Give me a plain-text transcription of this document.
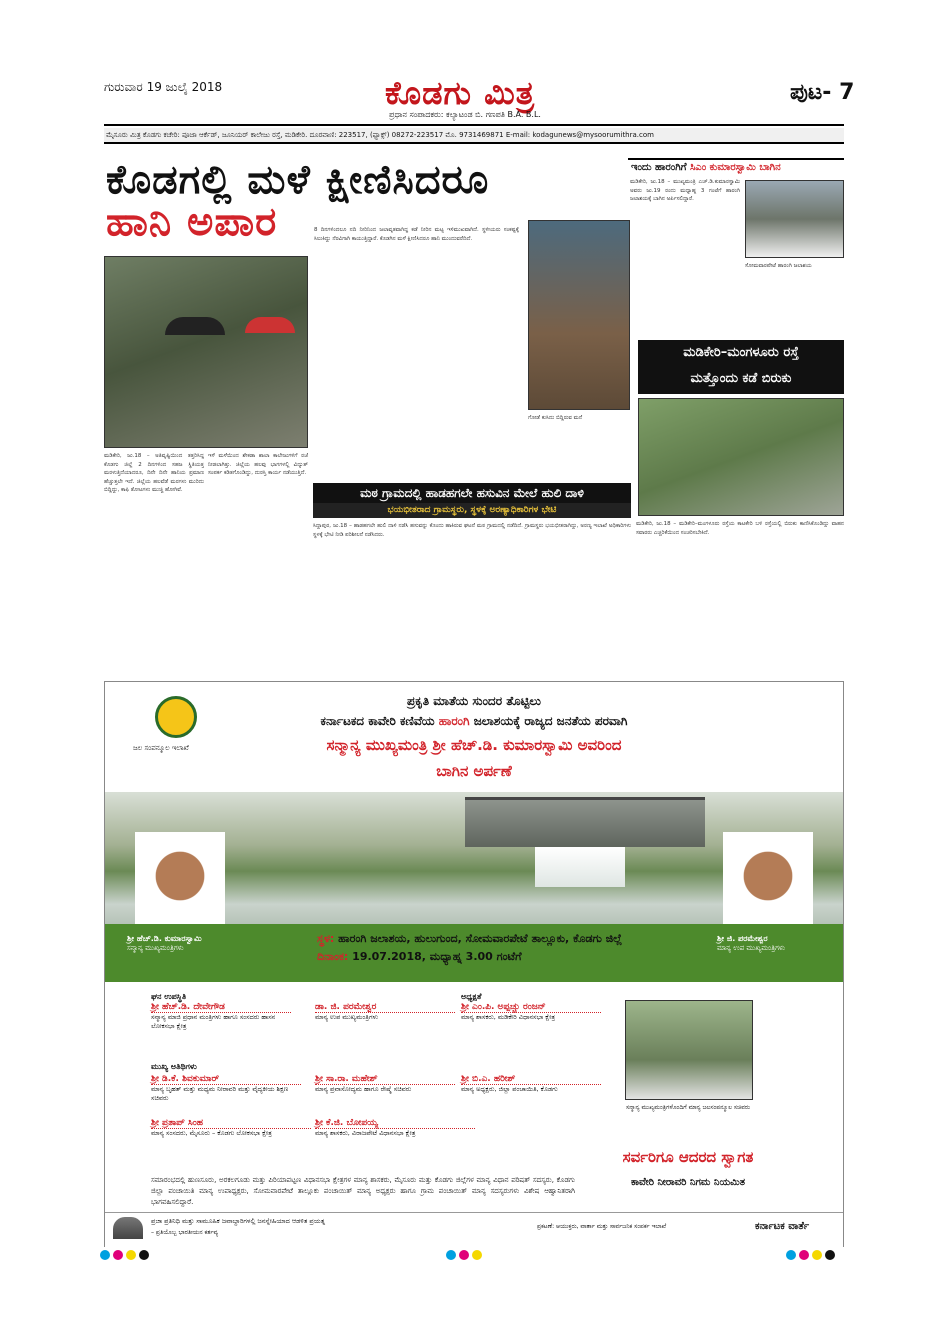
ಗುರುವಾರ 19 ಜುಲೈ 2018	ಕೊಡಗು ಮಿತ್ರ
ಪ್ರಧಾನ ಸಂಪಾದಕರು: ಕಲ್ಯಾಟಂಡ ಬಿ. ಗಣಪತಿ B.A. B.L.
ಪುಟ- 7
ಮೈಸೂರು ಮಿತ್ರ ಕೊಡಗು ಕಚೇರಿ: ಪೂಜಾ ಆರ್ಕೆಡ್, ಜೂನಿಯರ್ ಕಾಲೇಜು ರಸ್ತೆ, ಮಡಿಕೇರಿ. ದೂರವಾಣಿ: 223517, (ಫ್ಯಾಕ್ಸ್) 08272-223517 ಮೊ. 9731469871 E-mail: kodagunews@mysoorumithra.com
ಕೊಡಗಲ್ಲಿ ಮಳೆ ಕ್ಷೀಣಿಸಿದರೂ
ಹಾನಿ ಅಪಾರ	8 ದಿನಗಳಿಂದಲೂ ನದಿ ನೀರಿನಿಂದ ಜಲಾವೃತವಾಗಿದ್ದ ಕಡೆ ನೀರಿನ ಮಟ್ಟ ಇಳಿಮುಖವಾಗಿದೆ. ಸ್ಥಳೀಯರು ಸಂಕಷ್ಟಕ್ಕೆ ಸಿಲುಕಿದ್ದು ನೆರವಿಗಾಗಿ ಕಾಯುತ್ತಿದ್ದಾರೆ. ಕೊಡಗಿನ ಮಳೆ ಕ್ಷೀಣಿಸಿದರೂ ಹಾನಿ ಮುಂದುವರೆದಿದೆ.
ಗೋಡೆ ಕುಸಿದು ಬಿದ್ದಿರುವ ಮನೆ
ಮಡಿಕೇರಿ, ಜು.18 – ಅತಿವೃಷ್ಟಿಯಿಂದ ತತ್ತರಿಸಿದ್ದ ಕೊಡಗು ಜಿಲ್ಲೆ 2 ದಿನಗಳಿಂದ ಸಹಜ ಸ್ಥಿತಿಯತ್ತ ಮರಳುತ್ತಿದೆಯಾದರೂ, ದಿನೇ ದಿನೇ ಹಾನಿಯ ಪ್ರಮಾಣ ಹೆಚ್ಚುತ್ತಲೇ ಇದೆ. ಜಿಲ್ಲೆಯ ಹಲವೆಡೆ ಮರಗಳು ಮುರಿದು ಬಿದ್ದಿದ್ದು, ಕಾಫಿ ತೋಟಗಳು ಮುಚ್ಚಿ ಹೋಗಿವೆ.
ಇಳೆ ಮಳೆಯಿಂದ ಶೇಕಡಾ ಶಾಲಾ ಕಾಲೇಜುಗಳಿಗೆ ರಜೆ ನೀಡಲಾಗಿತ್ತು. ಜಿಲ್ಲೆಯ ಹಲವು ಭಾಗಗಳಲ್ಲಿ ವಿದ್ಯುತ್ ಸಂಪರ್ಕ ಕಡಿತಗೊಂಡಿದ್ದು, ದುರಸ್ತಿ ಕಾರ್ಯ ನಡೆಯುತ್ತಿದೆ.
ಇಂದು ಹಾರಂಗಿಗೆ ಸಿಎಂ ಕುಮಾರಸ್ವಾಮಿ ಬಾಗಿನ
ಮಡಿಕೇರಿ, ಜು.18 – ಮುಖ್ಯಮಂತ್ರಿ ಎಚ್.ಡಿ.ಕುಮಾರಸ್ವಾಮಿ ಅವರು ಜು.19 ರಂದು ಮಧ್ಯಾಹ್ನ 3 ಗಂಟೆಗೆ ಹಾರಂಗಿ ಜಲಾಶಯಕ್ಕೆ ಬಾಗಿನ ಅರ್ಪಿಸಲಿದ್ದಾರೆ.
ಸೋಮವಾರಪೇಟೆ ಹಾರಂಗಿ ಜಲಾಶಯ
ಮಡಿಕೇರಿ–ಮಂಗಳೂರು ರಸ್ತೆ
ಮತ್ತೊಂದು ಕಡೆ ಬಿರುಕು
ಮಡಿಕೇರಿ, ಜು.18 – ಮಡಿಕೇರಿ–ಮಂಗಳೂರು ರಸ್ತೆಯ ಕಾಟಕೇರಿ ಬಳಿ ರಸ್ತೆಯಲ್ಲಿ ಬಿರುಕು ಕಾಣಿಸಿಕೊಂಡಿದ್ದು ವಾಹನ ಸವಾರರು ಎಚ್ಚರಿಕೆಯಿಂದ ಸಂಚರಿಸಬೇಕಿದೆ.
ಮಠ ಗ್ರಾಮದಲ್ಲಿ ಹಾಡಹಗಲೇ ಹಸುವಿನ ಮೇಲೆ ಹುಲಿ ದಾಳಿ
ಭಯಭೀತರಾದ ಗ್ರಾಮಸ್ಥರು, ಸ್ಥಳಕ್ಕೆ ಅರಣ್ಯಾಧಿಕಾರಿಗಳ ಭೇಟಿ
ಸಿದ್ದಾಪುರ, ಜು.18 – ಹಾಡಹಗಲೇ ಹುಲಿ ದಾಳಿ ನಡೆಸಿ ಹಸುವನ್ನು ಕೊಂದು ಹಾಕಿರುವ ಘಟನೆ ಮಠ ಗ್ರಾಮದಲ್ಲಿ ನಡೆದಿದೆ. ಗ್ರಾಮಸ್ಥರು ಭಯಭೀತರಾಗಿದ್ದು, ಅರಣ್ಯ ಇಲಾಖೆ ಅಧಿಕಾರಿಗಳು ಸ್ಥಳಕ್ಕೆ ಭೇಟಿ ನೀಡಿ ಪರಿಶೀಲನೆ ನಡೆಸಿದರು.
ಜಲ ಸಂಪನ್ಮೂಲ ಇಲಾಖೆ
ಪ್ರಕೃತಿ ಮಾತೆಯ ಸುಂದರ ತೊಟ್ಟಿಲು
ಕರ್ನಾಟಕದ ಕಾವೇರಿ ಕಣಿವೆಯ ಹಾರಂಗಿ ಜಲಾಶಯಕ್ಕೆ ರಾಜ್ಯದ ಜನತೆಯ ಪರವಾಗಿ
ಸನ್ಮಾನ್ಯ ಮುಖ್ಯಮಂತ್ರಿ ಶ್ರೀ ಹೆಚ್.ಡಿ. ಕುಮಾರಸ್ವಾಮಿ ಅವರಿಂದ
ಬಾಗಿನ ಅರ್ಪಣೆ
ಸ್ಥಳ: ಹಾರಂಗಿ ಜಲಾಶಯ, ಹುಲುಗುಂದ, ಸೋಮವಾರಪೇಟೆ ತಾಲ್ಲೂಕು, ಕೊಡಗು ಜಿಲ್ಲೆ
ದಿನಾಂಕ: 19.07.2018, ಮಧ್ಯಾಹ್ನ 3.00 ಗಂಟೆಗೆ
ಶ್ರೀ ಹೆಚ್.ಡಿ. ಕುಮಾರಸ್ವಾಮಿ
ಸನ್ಮಾನ್ಯ ಮುಖ್ಯಮಂತ್ರಿಗಳು
ಶ್ರೀ ಜಿ. ಪರಮೇಶ್ವರ
ಮಾನ್ಯ ಉಪ ಮುಖ್ಯಮಂತ್ರಿಗಳು
ಘನ ಉಪಸ್ಥಿತಿ	ಅಧ್ಯಕ್ಷತೆ
ಮುಖ್ಯ ಅತಿಥಿಗಳು
ಶ್ರೀ ಹೆಚ್.ಡಿ. ದೇವೇಗೌಡ
ಸನ್ಮಾನ್ಯ ಮಾಜಿ ಪ್ರಧಾನ ಮಂತ್ರಿಗಳು ಹಾಗೂ ಸಂಸದರು ಹಾಸನ ಲೋಕಸಭಾ ಕ್ಷೇತ್ರ
ಡಾ. ಜಿ. ಪರಮೇಶ್ವರ
ಮಾನ್ಯ ಉಪ ಮುಖ್ಯಮಂತ್ರಿಗಳು
ಶ್ರೀ ಎಂ.ಪಿ. ಅಪ್ಪಚ್ಚು ರಂಜನ್
ಮಾನ್ಯ ಶಾಸಕರು, ಮಡಿಕೇರಿ ವಿಧಾನಸಭಾ ಕ್ಷೇತ್ರ
ಶ್ರೀ ಡಿ.ಕೆ. ಶಿವಕುಮಾರ್
ಮಾನ್ಯ ಬೃಹತ್ ಮತ್ತು ಮಧ್ಯಮ ನೀರಾವರಿ ಮತ್ತು ವೈದ್ಯಕೀಯ ಶಿಕ್ಷಣ ಸಚಿವರು
ಶ್ರೀ ಸಾ.ರಾ. ಮಹೇಶ್
ಮಾನ್ಯ ಪ್ರವಾಸೋದ್ಯಮ ಹಾಗೂ ರೇಷ್ಮೆ ಸಚಿವರು
ಶ್ರೀ ಬಿ.ಎ. ಹರೀಶ್
ಮಾನ್ಯ ಅಧ್ಯಕ್ಷರು, ಜಿಲ್ಲಾ ಪಂಚಾಯಿತಿ, ಕೊಡಗು
ಶ್ರೀ ಪ್ರತಾಪ್ ಸಿಂಹ
ಮಾನ್ಯ ಸಂಸದರು, ಮೈಸೂರು – ಕೊಡಗು ಲೋಕಸಭಾ ಕ್ಷೇತ್ರ
ಶ್ರೀ ಕೆ.ಜಿ. ಬೋಪಯ್ಯ
ಮಾನ್ಯ ಶಾಸಕರು, ವಿರಾಜಪೇಟೆ ವಿಧಾನಸಭಾ ಕ್ಷೇತ್ರ
ಸನ್ಮಾನ್ಯ ಮುಖ್ಯಮಂತ್ರಿಗಳೊಂದಿಗೆ ಮಾನ್ಯ ಜಲಸಂಪನ್ಮೂಲ ಸಚಿವರು
ಸರ್ವರಿಗೂ ಆದರದ ಸ್ವಾಗತ
ಕಾವೇರಿ ನೀರಾವರಿ ನಿಗಮ ನಿಯಮಿತ
ಸಮಾರಂಭದಲ್ಲಿ ಹುಣಸೂರು, ಅರಕಲಗೂಡು ಮತ್ತು ಪಿರಿಯಾಪಟ್ಟಣ ವಿಧಾನಸಭಾ ಕ್ಷೇತ್ರಗಳ ಮಾನ್ಯ ಶಾಸಕರು, ಮೈಸೂರು ಮತ್ತು ಕೊಡಗು ಜಿಲ್ಲೆಗಳ ಮಾನ್ಯ ವಿಧಾನ ಪರಿಷತ್ ಸದಸ್ಯರು, ಕೊಡಗು ಜಿಲ್ಲಾ ಪಂಚಾಯಿತಿ ಮಾನ್ಯ ಉಪಾಧ್ಯಕ್ಷರು, ಸೋಮವಾರಪೇಟೆ ತಾಲ್ಲೂಕು ಪಂಚಾಯಿತ್ ಮಾನ್ಯ ಅಧ್ಯಕ್ಷರು ಹಾಗೂ ಗ್ರಾಮ ಪಂಚಾಯಿತ್ ಮಾನ್ಯ ಸದಸ್ಯರುಗಳು ವಿಶೇಷ ಆಹ್ವಾನಿತರಾಗಿ ಭಾಗವಹಿಸಲಿದ್ದಾರೆ.
ಪ್ರಜಾ ಪ್ರತಿನಿಧಿ ಮತ್ತು ಸಾಮೂಹಿಕ ಜವಾಬ್ದಾರಿಗಳಲ್ಲಿ ಜನಸ್ನೇಹಿಯಾದ ಆಡಳಿತ ಪ್ರಯತ್ನ
– ಪ್ರತಿಯೊಬ್ಬ ಭಾರತೀಯನ ಕರ್ತವ್ಯ
ಪ್ರಕಟಣೆ: ಆಯುಕ್ತರು, ವಾರ್ತಾ ಮತ್ತು ಸಾರ್ವಜನಿಕ ಸಂಪರ್ಕ ಇಲಾಖೆ	ಕರ್ನಾಟಕ ವಾರ್ತೆ
